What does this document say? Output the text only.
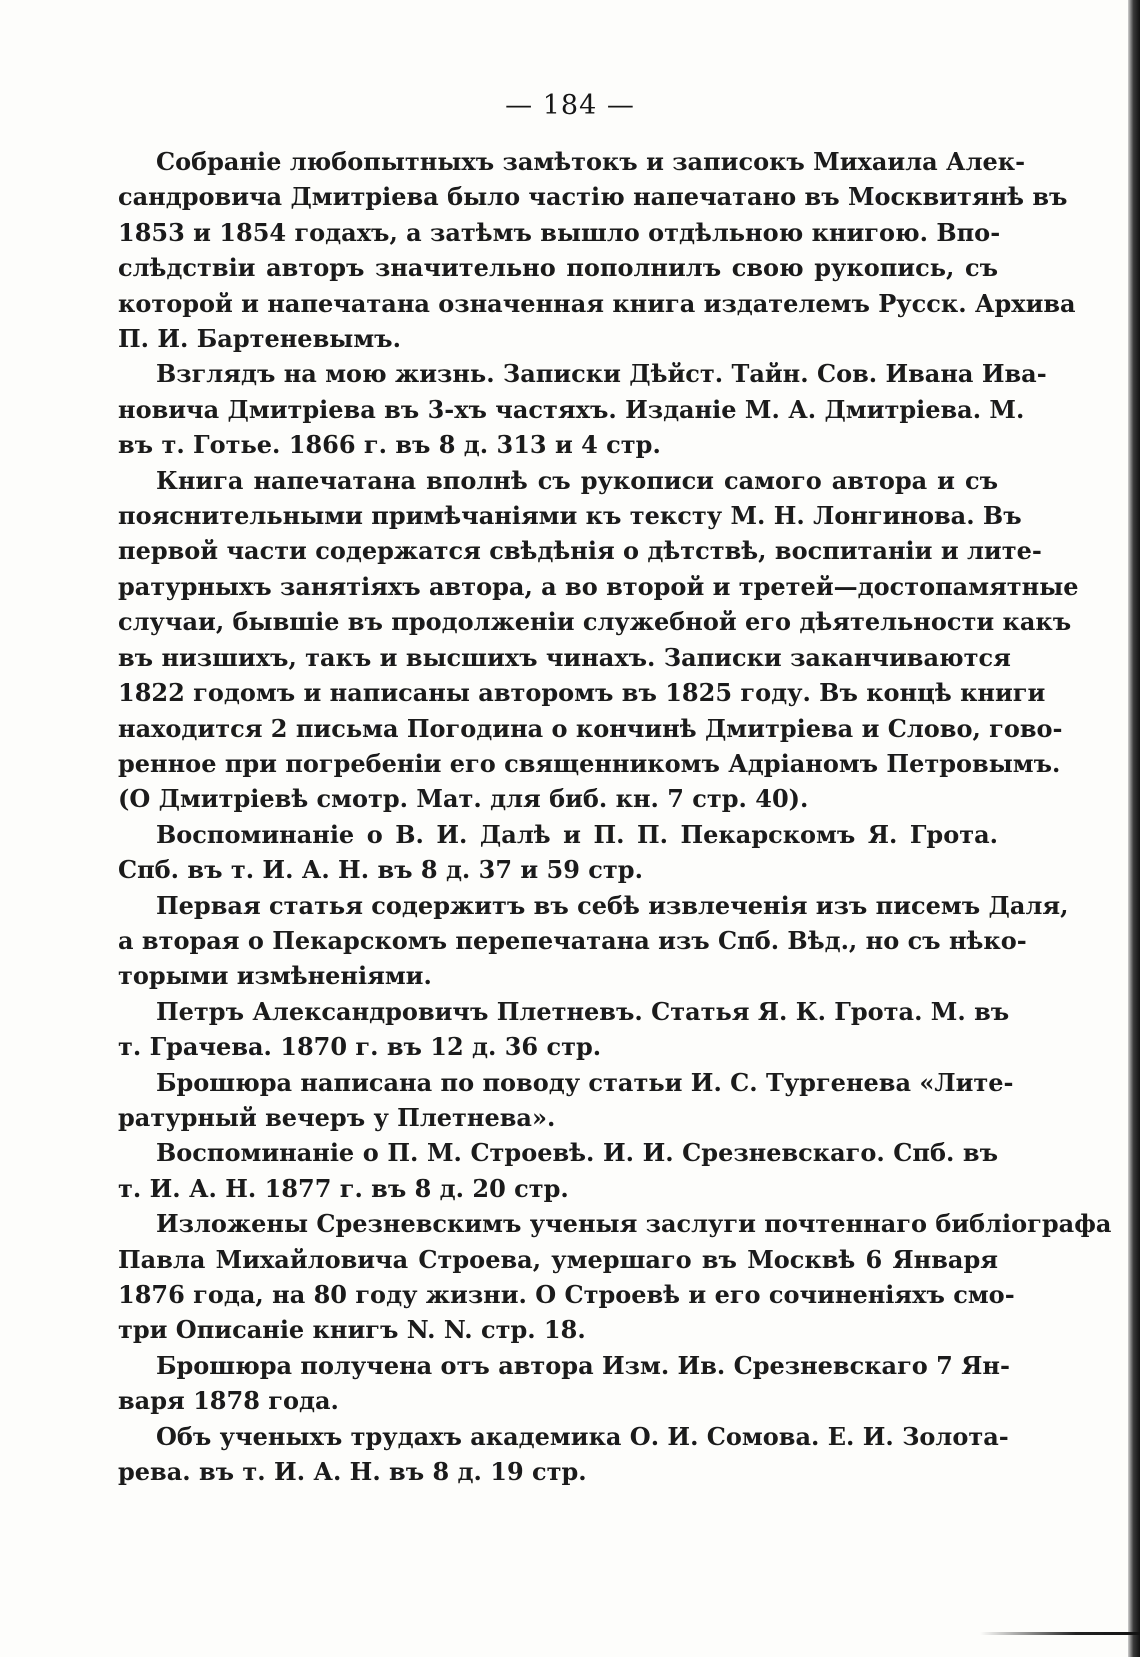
— 184 —
Собраніе любопытныхъ замѣтокъ и записокъ Михаила Алек-
сандровича Дмитріева было частію напечатано въ Москвитянѣ въ
1853 и 1854 годахъ, а затѣмъ вышло отдѣльною книгою. Впо-
слѣдствіи авторъ значительно пополнилъ свою рукопись, съ
которой и напечатана означенная книга издателемъ Русск. Архива
П. И. Бартеневымъ.
Взглядъ на мою жизнь. Записки Дѣйст. Тайн. Сов. Ивана Ива-
новича Дмитріева въ 3-хъ частяхъ. Изданіе М. А. Дмитріева. М.
въ т. Готье. 1866 г. въ 8 д. 313 и 4 стр.
Книга напечатана вполнѣ съ рукописи самого автора и съ
пояснительными примѣчаніями къ тексту М. Н. Лонгинова. Въ
первой части содержатся свѣдѣнія о дѣтствѣ, воспитаніи и лите-
ратурныхъ занятіяхъ автора, а во второй и третей—достопамятные
случаи, бывшіе въ продолженіи служебной его дѣятельности какъ
въ низшихъ, такъ и высшихъ чинахъ. Записки заканчиваются
1822 годомъ и написаны авторомъ въ 1825 году. Въ концѣ книги
находится 2 письма Погодина о кончинѣ Дмитріева и Слово, гово-
ренное при погребеніи его священникомъ Адріаномъ Петровымъ.
(О Дмитріевѣ смотр. Мат. для биб. кн. 7 стр. 40).
Воспоминаніе о В. И. Далѣ и П. П. Пекарскомъ Я. Грота.
Спб. въ т. И. А. Н. въ 8 д. 37 и 59 стр.
Первая статья содержитъ въ себѣ извлеченія изъ писемъ Даля,
а вторая о Пекарскомъ перепечатана изъ Спб. Вѣд., но съ нѣко-
торыми измѣненіями.
Петръ Александровичъ Плетневъ. Статья Я. К. Грота. М. въ
т. Грачева. 1870 г. въ 12 д. 36 стр.
Брошюра написана по поводу статьи И. С. Тургенева «Лите-
ратурный вечеръ у Плетнева».
Воспоминаніе о П. М. Строевѣ. И. И. Срезневскаго. Спб. въ
т. И. А. Н. 1877 г. въ 8 д. 20 стр.
Изложены Срезневскимъ ученыя заслуги почтеннаго библіографа
Павла Михайловича Строева, умершаго въ Москвѣ 6 Января
1876 года, на 80 году жизни. О Строевѣ и его сочиненіяхъ смо-
три Описаніе книгъ N. N. стр. 18.
Брошюра получена отъ автора Изм. Ив. Срезневскаго 7 Ян-
варя 1878 года.
Объ ученыхъ трудахъ академика О. И. Сомова. Е. И. Золота-
рева. въ т. И. А. Н. въ 8 д. 19 стр.
